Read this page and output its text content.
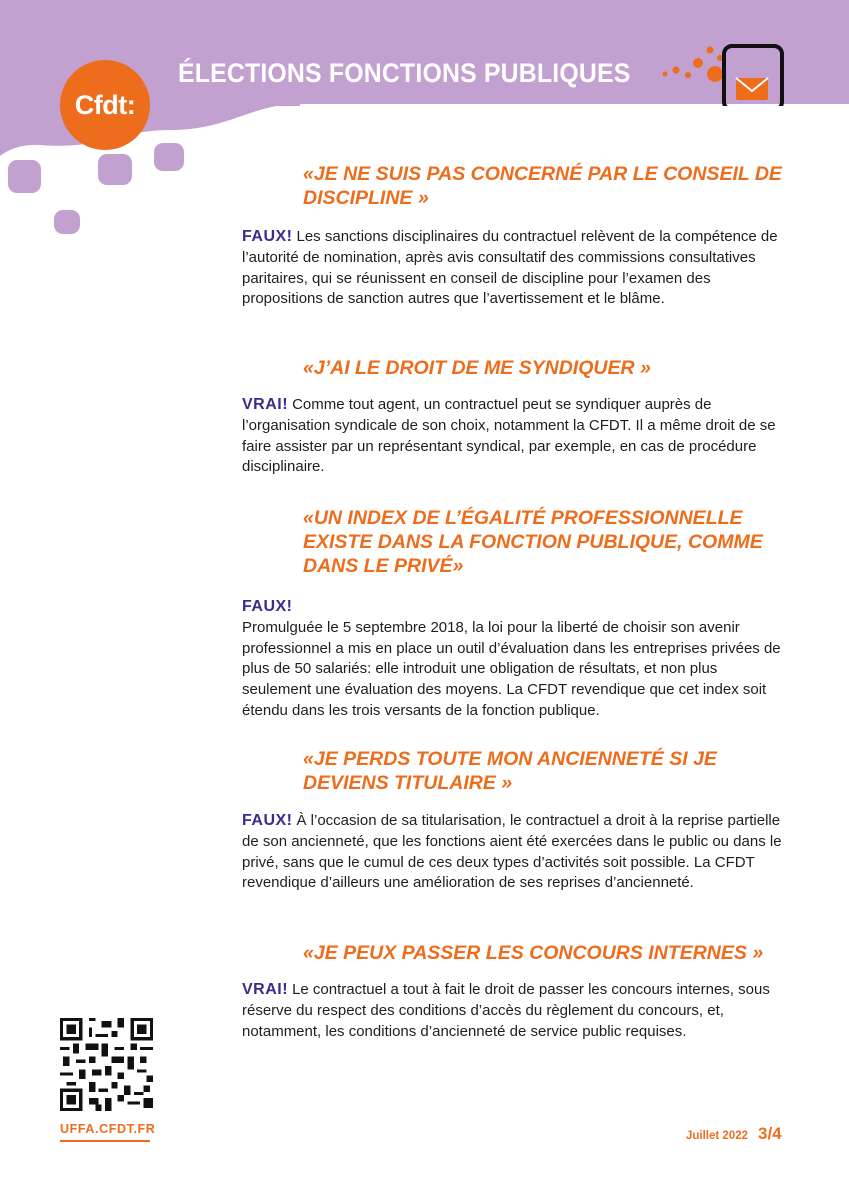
Cfdt:
ÉLECTIONS FONCTIONS PUBLIQUES
«JE NE SUIS PAS CONCERNÉ PAR LE CONSEIL DE DISCIPLINE »
FAUX! Les sanctions disciplinaires du contractuel relèvent de la compétence de l’autorité de nomination, après avis consultatif des commissions consultatives paritaires, qui se réunissent en conseil de discipline pour l’examen des propositions de sanction autres que l’avertissement et le blâme.
«J’AI LE DROIT DE ME SYNDIQUER »
VRAI! Comme tout agent, un contractuel peut se syndiquer auprès de l’organisation syndicale de son choix, notamment la CFDT. Il a même droit de se faire assister par un représentant syndical, par exemple, en cas de procédure disciplinaire.
«UN INDEX DE L’ÉGALITÉ PROFESSIONNELLE EXISTE DANS LA FONCTION PUBLIQUE, COMME DANS LE PRIVÉ»
FAUX!
Promulguée le 5 septembre 2018, la loi pour la liberté de choisir son avenir professionnel a mis en place un outil d’évaluation dans les entreprises privées de plus de 50 salariés: elle introduit une obligation de résultats, et non plus seulement une évaluation des moyens. La CFDT revendique que cet index soit étendu dans les trois versants de la fonction publique.
«JE PERDS TOUTE MON ANCIENNETÉ SI JE DEVIENS TITULAIRE »
FAUX! À l’occasion de sa titularisation, le contractuel a droit à la reprise partielle de son ancienneté, que les fonctions aient été exercées dans le public ou dans le privé, sans que le cumul de ces deux types d’activités soit possible. La CFDT revendique d’ailleurs une amélioration de ses reprises d’ancienneté.
«JE PEUX PASSER LES CONCOURS INTERNES »
VRAI! Le contractuel a tout à fait le droit de passer les concours internes, sous réserve du respect des conditions d’accès du règlement du concours, et, notamment, les conditions d’ancienneté de service public requises.
UFFA.CFDT.FR	Juillet 2022 3/4
